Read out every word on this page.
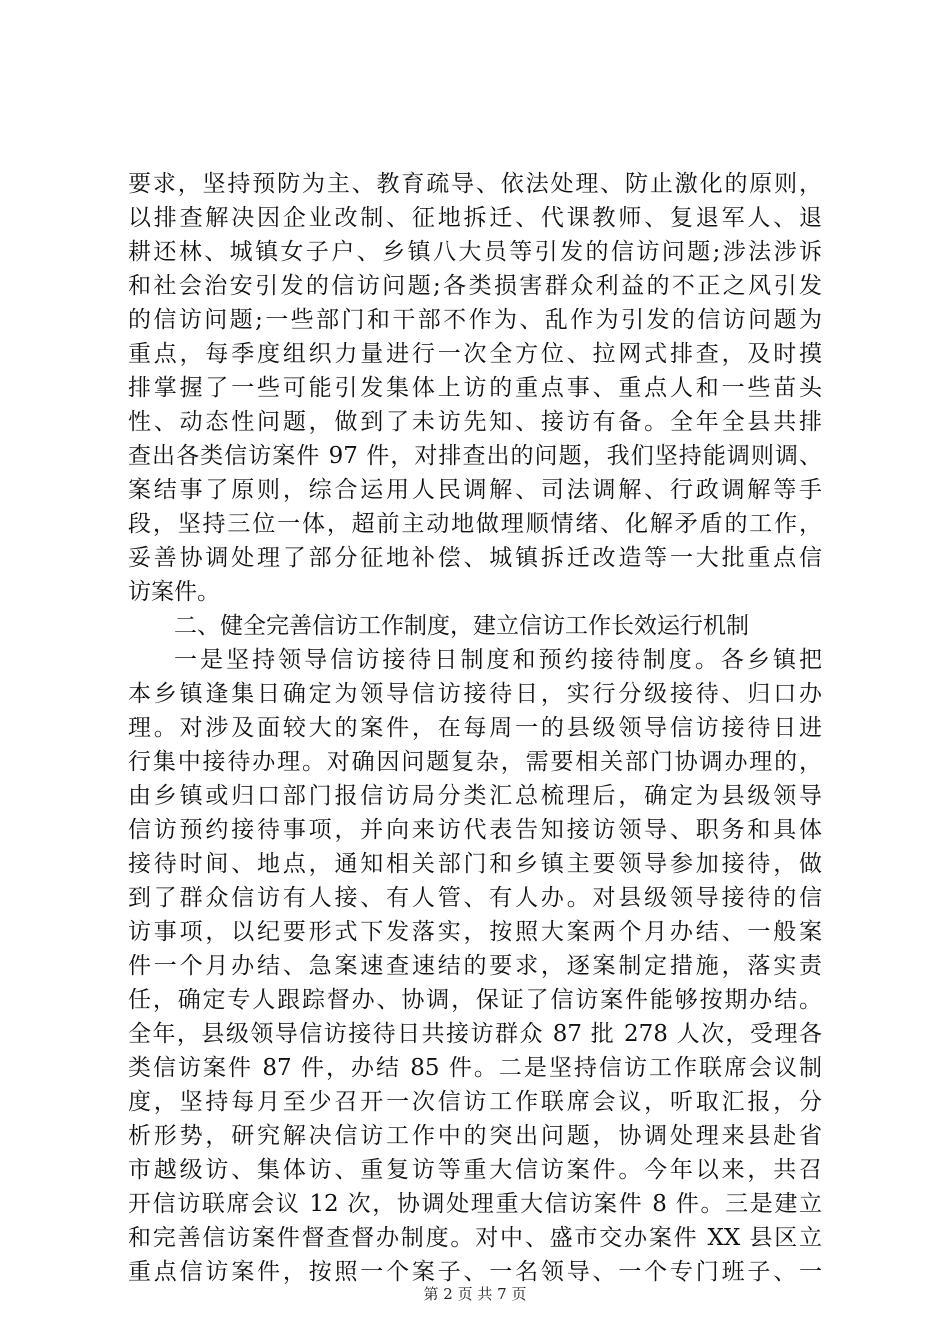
要求，坚持预防为主、教育疏导、依法处理、防止激化的原则，
以排查解决因企业改制、征地拆迁、代课教师、复退军人、退
耕还林、城镇女子户、乡镇八大员等引发的信访问题;涉法涉诉
和社会治安引发的信访问题;各类损害群众利益的不正之风引发
的信访问题;一些部门和干部不作为、乱作为引发的信访问题为
重点，每季度组织力量进行一次全方位、拉网式排查，及时摸
排掌握了一些可能引发集体上访的重点事、重点人和一些苗头
性、动态性问题，做到了未访先知、接访有备。全年全县共排
查出各类信访案件 97 件，对排查出的问题，我们坚持能调则调、
案结事了原则，综合运用人民调解、司法调解、行政调解等手
段，坚持三位一体，超前主动地做理顺情绪、化解矛盾的工作，
妥善协调处理了部分征地补偿、城镇拆迁改造等一大批重点信
访案件。
二、健全完善信访工作制度，建立信访工作长效运行机制
一是坚持领导信访接待日制度和预约接待制度。各乡镇把
本乡镇逢集日确定为领导信访接待日，实行分级接待、归口办
理。对涉及面较大的案件，在每周一的县级领导信访接待日进
行集中接待办理。对确因问题复杂，需要相关部门协调办理的，
由乡镇或归口部门报信访局分类汇总梳理后，确定为县级领导
信访预约接待事项，并向来访代表告知接访领导、职务和具体
接待时间、地点，通知相关部门和乡镇主要领导参加接待，做
到了群众信访有人接、有人管、有人办。对县级领导接待的信
访事项，以纪要形式下发落实，按照大案两个月办结、一般案
件一个月办结、急案速查速结的要求，逐案制定措施，落实责
任，确定专人跟踪督办、协调，保证了信访案件能够按期办结。
全年，县级领导信访接待日共接访群众 87 批 278 人次，受理各
类信访案件 87 件，办结 85 件。二是坚持信访工作联席会议制
度，坚持每月至少召开一次信访工作联席会议，听取汇报，分
析形势，研究解决信访工作中的突出问题，协调处理来县赴省
市越级访、集体访、重复访等重大信访案件。今年以来，共召
开信访联席会议 12 次，协调处理重大信访案件 8 件。三是建立
和完善信访案件督查督办制度。对中、盛市交办案件 XX 县区立
重点信访案件，按照一个案子、一名领导、一个专门班子、一
第 2 页 共 7 页
